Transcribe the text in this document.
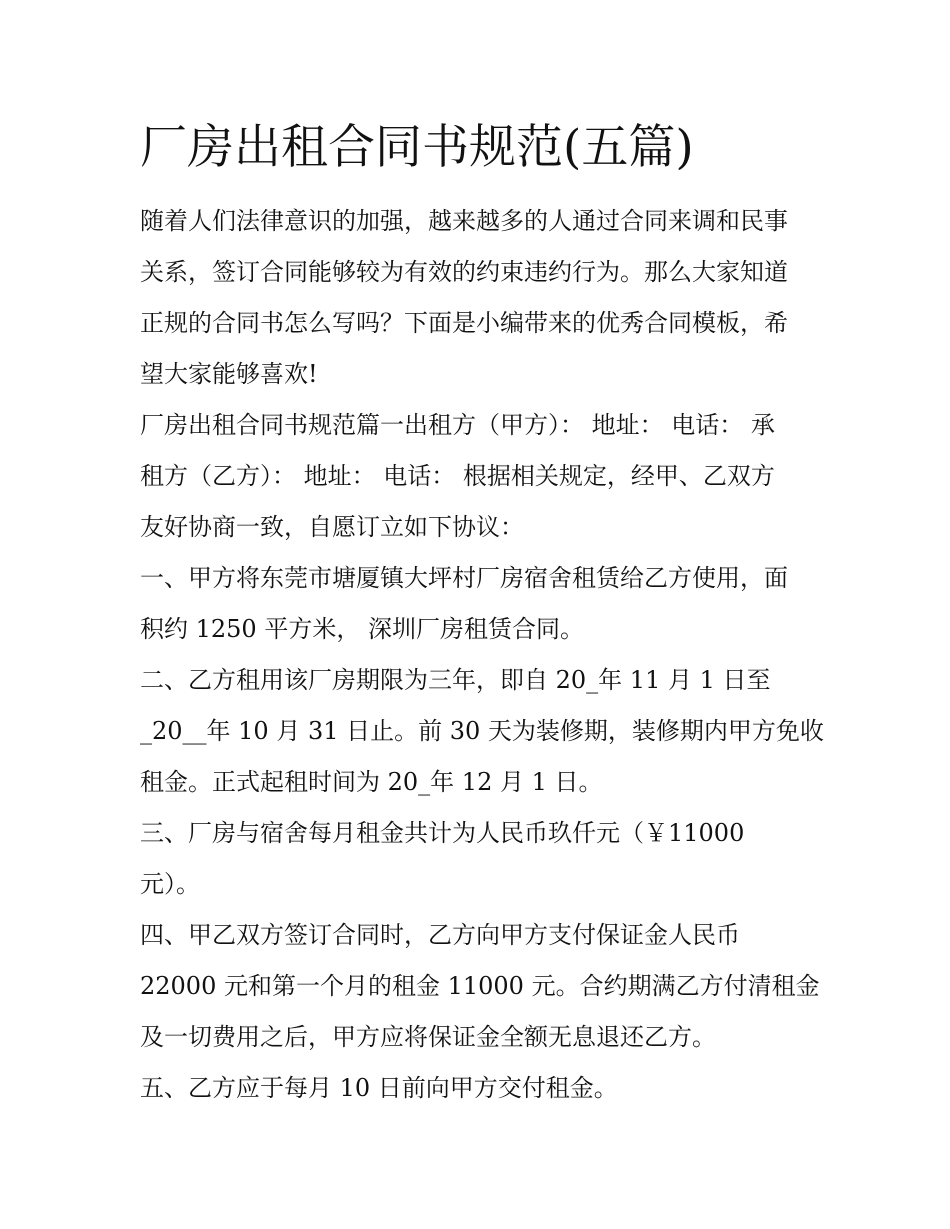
厂房出租合同书规范(五篇)

随着人们法律意识的加强，越来越多的人通过合同来调和民事
关系，签订合同能够较为有效的约束违约行为。那么大家知道
正规的合同书怎么写吗？下面是小编带来的优秀合同模板，希
望大家能够喜欢!

厂房出租合同书规范篇一出租方（甲方）： 地址： 电话： 承
租方（乙方）： 地址： 电话： 根据相关规定，经甲、乙双方
友好协商一致，自愿订立如下协议：

一、甲方将东莞市塘厦镇大坪村厂房宿舍租赁给乙方使用，面
积约 1250 平方米， 深圳厂房租赁合同。

二、乙方租用该厂房期限为三年，即自 20_年 11 月 1 日至
_20__年 10 月 31 日止。前 30 天为装修期，装修期内甲方免收
租金。正式起租时间为 20_年 12 月 1 日。

三、厂房与宿舍每月租金共计为人民币玖仟元（￥11000
元）。

四、甲乙双方签订合同时，乙方向甲方支付保证金人民币
22000 元和第一个月的租金 11000 元。合约期满乙方付清租金
及一切费用之后，甲方应将保证金全额无息退还乙方。

五、乙方应于每月 10 日前向甲方交付租金。
